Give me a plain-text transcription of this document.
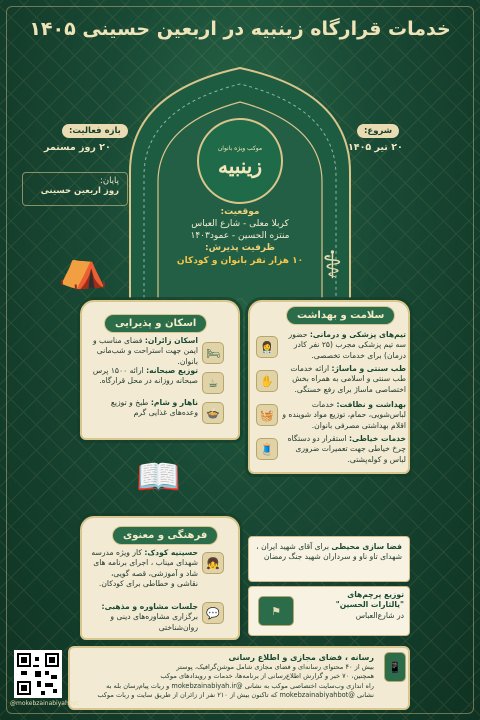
خدمات قرارگاه زینبیه در اربعین حسینی ۱۴۰۵
موکب ویژه بانوان
زینبیه
موقعیت:
کربلا معلی - شارع العباس
منتزه الحسین - عمود۱۴۰۳
ظرفیت پذیرش:
۱۰ هزار نفر بانوان و کودکان
شروع:
۲۰ تیر ۱۴۰۵
بازه فعالیت:
۲۰ روز مستمر
پایان:
روز اربعین حسینی
⛺	⚕
📖
اسکان و پذیرایی
🛏
اسکان زائران: فضای مناسب و ایمن جهت استراحت و شب‌مانی بانوان.
☕
توزیع صبحانه: ارائه ۱۵۰۰ پرس صبحانه روزانه در محل قرارگاه.
🍲
ناهار و شام: طبخ و توزیع وعده‌های غذایی گرم
سلامت و بهداشت
👩‍⚕
تیم‌های پزشکی و درمانی: حضور سه تیم پزشکی مجرب (۲۵ نفر کادر درمان) برای خدمات تخصصی.
✋
طب سنتی و ماساژ: ارائه خدمات طب سنتی و اسلامی به همراه بخش اختصاصی ماساژ برای رفع خستگی.
🧺
بهداشت و نظافت: خدمات لباس‌شویی، حمام، توزیع مواد شوینده و اقلام بهداشتی مصرفی بانوان.
🧵
خدمات خیاطی: استقرار دو دستگاه چرخ خیاطی جهت تعمیرات ضروری لباس و کوله‌پشتی.
فرهنگی و معنوی
👧
حسینیه کودک: کار ویژه مدرسه شهدای میناب ، اجرای برنامه های شاد و آموزشی، قصه گویی، نقاشی و خطاطی برای کودکان.
💬
جلسات مشاوره و مذهبی: برگزاری مشاوره‌های دینی و روان‌شناختی
فضا سازی محیطی برای آقای شهید ایران ، شهدای تاو ناو و سرداران شهید جنگ رمضان
توزیع پرچم‌های
"یالثارات الحسین"
در شارع‌العباس
⚑
رسانه ، فضای مجازی و اطلاع رسانی
بیش از ۴۰ محتوای رسانه‌ای و فضای مجازی شامل موشن‌گرافیک، پوستر
همچنین، ۷۰ خبر و گزارش اطلاع‌رسانی از برنامه‌ها، خدمات و رویدادهای موکب
راه اندازی وب‌سایت اختصاصی موکب به نشانی @mokebzainabiyah.ir و ربات پیام‌رسان بله به
نشانی @mokebzainabiyahbot که تاکنون بیش از ۲۱۰ نفر از زائران از طریق سایت و ربات موکب
📱
@mokebzainabiyahbot
